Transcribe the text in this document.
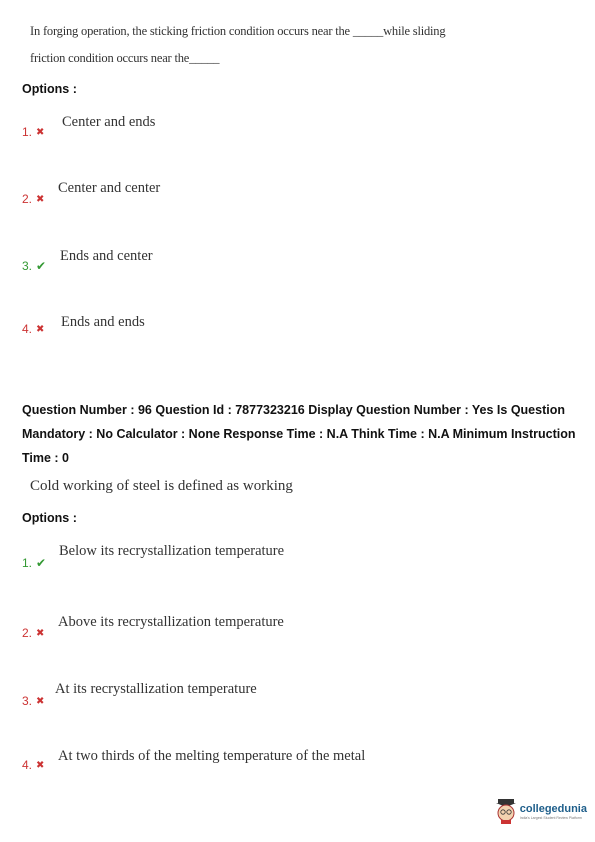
In forging operation, the sticking friction condition occurs near the _____while sliding
friction condition occurs near the_____
Options :
Center and ends
1. ✖
Center and center
2. ✖
Ends and center
3. ✔
Ends and ends
4. ✖
Question Number : 96 Question Id : 7877323216 Display Question Number : Yes Is Question Mandatory : No Calculator : None Response Time : N.A Think Time : N.A Minimum Instruction Time : 0
Cold working of steel is defined as working
Options :
Below its recrystallization temperature
1. ✔
Above its recrystallization temperature
2. ✖
At its recrystallization temperature
3. ✖
At two thirds of the melting temperature of the metal
4. ✖
collegedunia
India's Largest Student Review Platform
